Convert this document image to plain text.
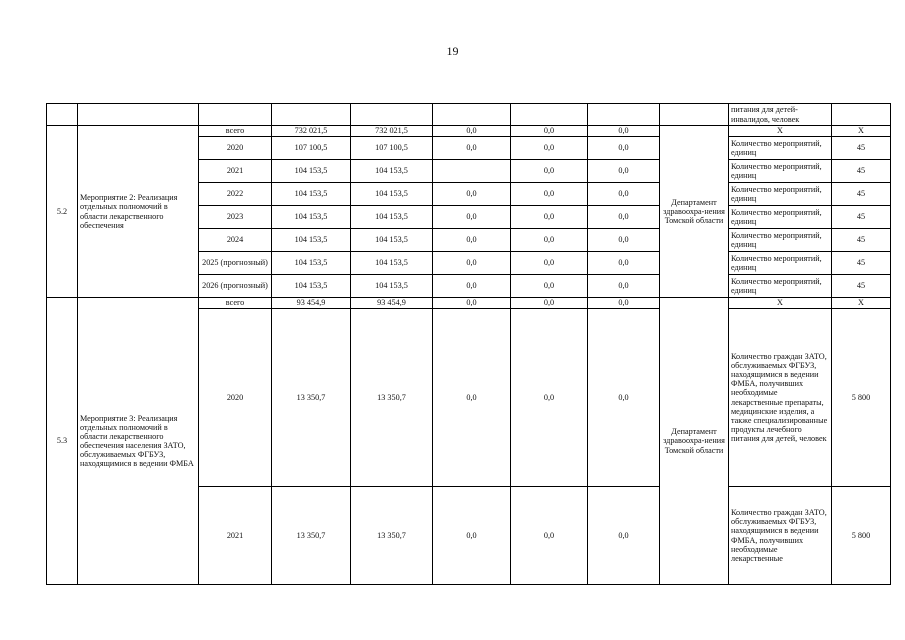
19
									питания для детей-инвалидов, человек	
5.2	Мероприятие 2: Реализация отдельных полномочий в области лекарственного обеспечения	всего	732 021,5	732 021,5	0,0	0,0	0,0	Департамент здравоохра-нения Томской области	Х	Х
		2020	107 100,5	107 100,5	0,0	0,0	0,0		Количество мероприятий, единиц	45
		2021	104 153,5	104 153,5		0,0	0,0		Количество мероприятий, единиц	45
		2022	104 153,5	104 153,5	0,0	0,0	0,0		Количество мероприятий, единиц	45
		2023	104 153,5	104 153,5	0,0	0,0	0,0		Количество мероприятий, единиц	45
		2024	104 153,5	104 153,5	0,0	0,0	0,0		Количество мероприятий, единиц	45
		2025 (прогнозный)	104 153,5	104 153,5	0,0	0,0	0,0		Количество мероприятий, единиц	45
		2026 (прогнозный)	104 153,5	104 153,5	0,0	0,0	0,0		Количество мероприятий, единиц	45
5.3	Мероприятие 3: Реализация отдельных полномочий в области лекарственного обеспечения населения ЗАТО, обслуживаемых ФГБУЗ, находящимися в ведении ФМБА	всего	93 454,9	93 454,9	0,0	0,0	0,0	Департамент здравоохра-нения Томской области	Х	Х
		2020	13 350,7	13 350,7	0,0	0,0	0,0		Количество граждан ЗАТО, обслуживаемых ФГБУЗ, находящимися в ведении ФМБА, получивших необходимые лекарственные препараты, медицинские изделия, а также специализированные продукты лечебного питания для детей, человек	5 800
		2021	13 350,7	13 350,7	0,0	0,0	0,0		Количество граждан ЗАТО, обслуживаемых ФГБУЗ, находящимися в ведении ФМБА, получивших необходимые лекарственные	5 800
